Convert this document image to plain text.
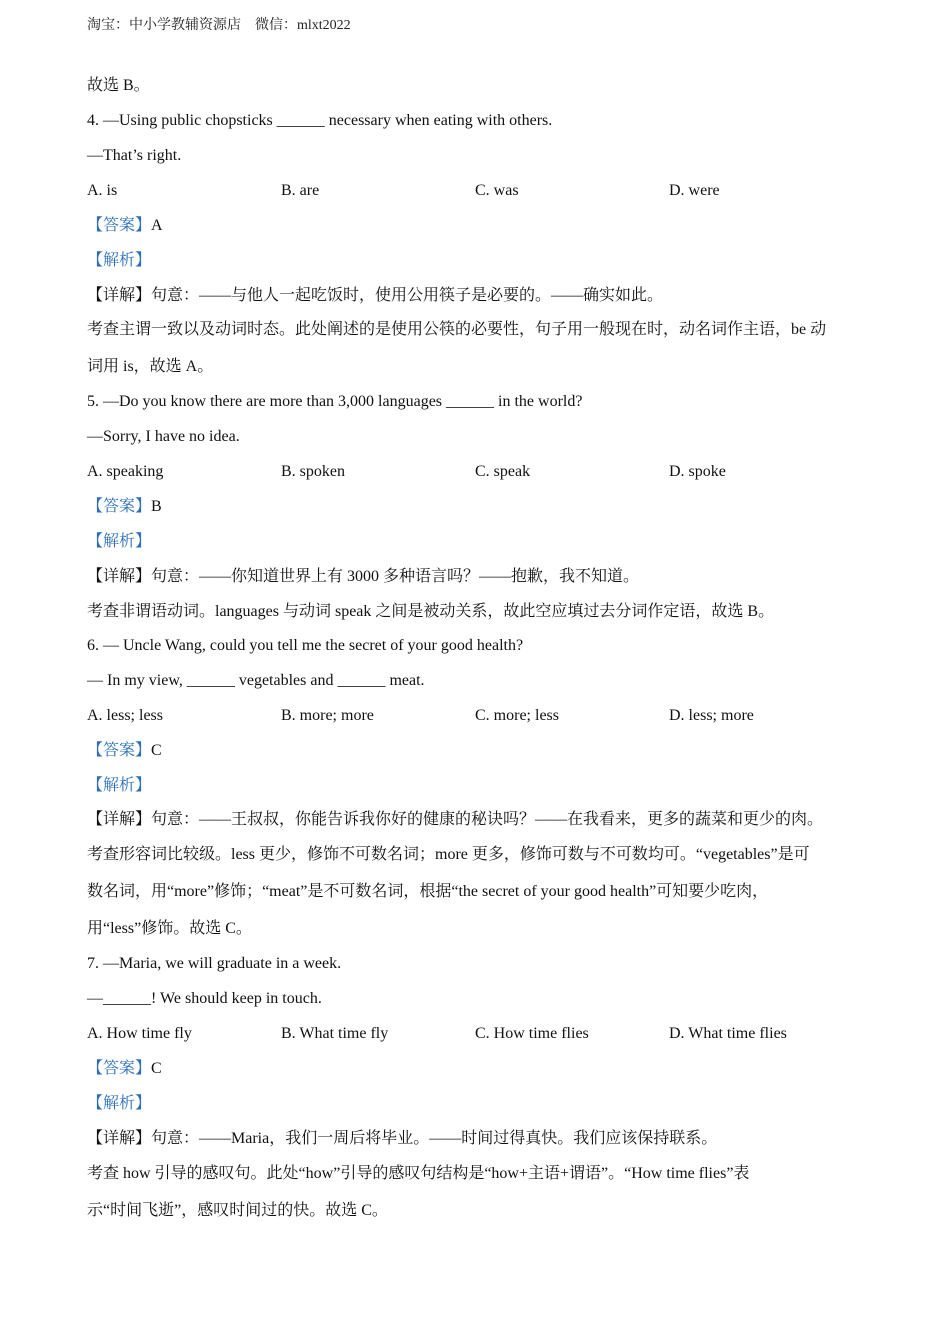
淘宝：中小学教辅资源店    微信：mlxt2022
故选 B。
4. —Using public chopsticks ______ necessary when eating with others.
—That’s right.
A. is	B. are	C. was	D. were
【答案】A
【解析】
【详解】句意：——与他人一起吃饭时，使用公用筷子是必要的。——确实如此。
考查主谓一致以及动词时态。此处阐述的是使用公筷的必要性，句子用一般现在时，动名词作主语，be 动
词用 is，故选 A。
5. —Do you know there are more than 3,000 languages ______ in the world?
—Sorry, I have no idea.
A. speaking	B. spoken	C. speak	D. spoke
【答案】B
【解析】
【详解】句意：——你知道世界上有 3000 多种语言吗？——抱歉，我不知道。
考查非谓语动词。languages 与动词 speak 之间是被动关系，故此空应填过去分词作定语，故选 B。
6. — Uncle Wang, could you tell me the secret of your good health?
— In my view, ______ vegetables and ______ meat.
A. less; less	B. more; more	C. more; less	D. less; more
【答案】C
【解析】
【详解】句意：——王叔叔，你能告诉我你好的健康的秘诀吗？——在我看来，更多的蔬菜和更少的肉。
考查形容词比较级。less 更少，修饰不可数名词；more 更多，修饰可数与不可数均可。“vegetables”是可
数名词，用“more”修饰；“meat”是不可数名词，根据“the secret of your good health”可知要少吃肉，
用“less”修饰。故选 C。
7. —Maria, we will graduate in a week.
—______! We should keep in touch.
A. How time fly	B. What time fly	C. How time flies	D. What time flies
【答案】C
【解析】
【详解】句意：——Maria，我们一周后将毕业。——时间过得真快。我们应该保持联系。
考查 how 引导的感叹句。此处“how”引导的感叹句结构是“how+主语+谓语”。“How time flies”表
示“时间飞逝”，感叹时间过的快。故选 C。
